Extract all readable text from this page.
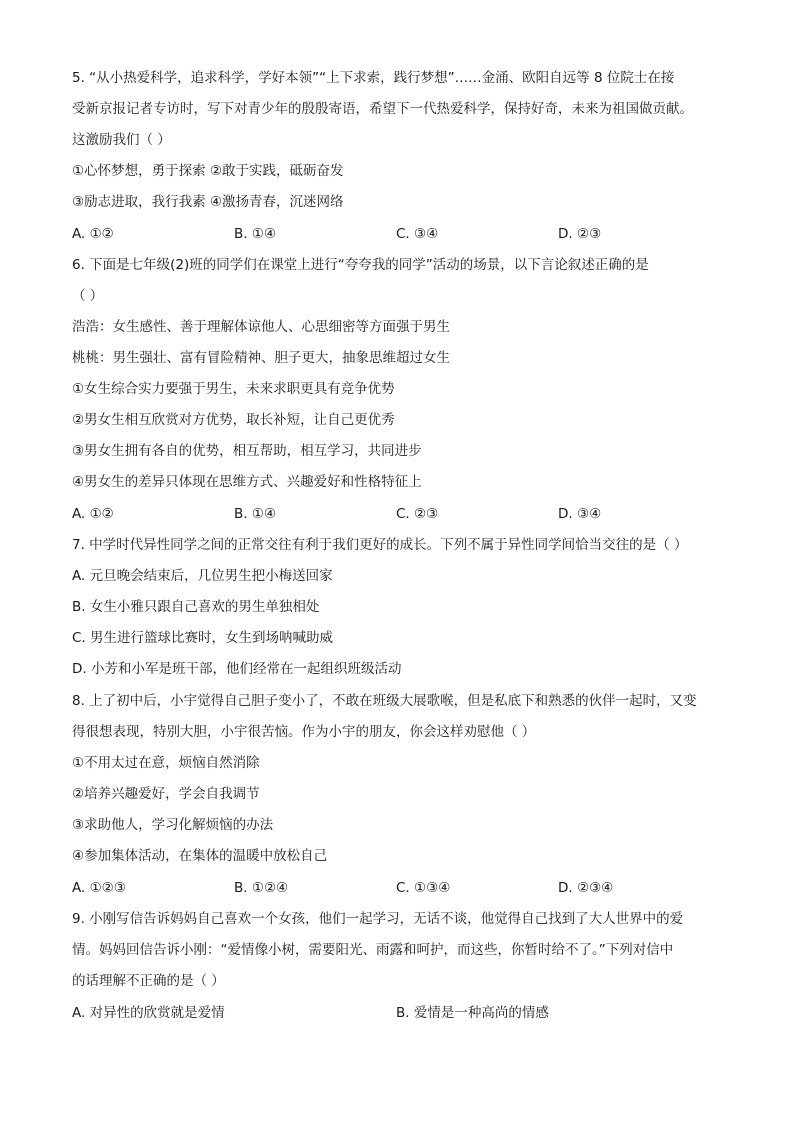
5. “从小热爱科学，追求科学，学好本领”“上下求索，践行梦想”……金涌、欧阳自远等 8 位院士在接
受新京报记者专访时，写下对青少年的殷殷寄语，希望下一代热爱科学，保持好奇，未来为祖国做贡献。
这激励我们（ ）
①心怀梦想，勇于探索 ②敢于实践，砥砺奋发
③励志进取，我行我素 ④激扬青春，沉迷网络
A. ①②	B. ①④	C. ③④	D. ②③
6. 下面是七年级(2)班的同学们在课堂上进行“夸夸我的同学”活动的场景，以下言论叙述正确的是
（ ）
浩浩：女生感性、善于理解体谅他人、心思细密等方面强于男生
桃桃：男生强壮、富有冒险精神、胆子更大，抽象思维超过女生
①女生综合实力要强于男生，未来求职更具有竞争优势
②男女生相互欣赏对方优势，取长补短，让自己更优秀
③男女生拥有各自的优势，相互帮助，相互学习，共同进步
④男女生的差异只体现在思维方式、兴趣爱好和性格特征上
A. ①②	B. ①④	C. ②③	D. ③④
7. 中学时代异性同学之间的正常交往有利于我们更好的成长。下列不属于异性同学间恰当交往的是（ ）
A. 元旦晚会结束后，几位男生把小梅送回家
B. 女生小雅只跟自己喜欢的男生单独相处
C. 男生进行篮球比赛时，女生到场呐喊助威
D. 小芳和小军是班干部，他们经常在一起组织班级活动
8. 上了初中后，小宇觉得自己胆子变小了，不敢在班级大展歌喉，但是私底下和熟悉的伙伴一起时，又变
得很想表现，特别大胆，小宇很苦恼。作为小宇的朋友，你会这样劝慰他（ ）
①不用太过在意，烦恼自然消除
②培养兴趣爱好，学会自我调节
③求助他人，学习化解烦恼的办法
④参加集体活动，在集体的温暖中放松自己
A. ①②③	B. ①②④	C. ①③④	D. ②③④
9. 小刚写信告诉妈妈自己喜欢一个女孩，他们一起学习，无话不谈，他觉得自己找到了大人世界中的爱
情。妈妈回信告诉小刚：“爱情像小树，需要阳光、雨露和呵护，而这些，你暂时给不了。”下列对信中
的话理解不正确的是（ ）
A. 对异性的欣赏就是爱情	B. 爱情是一种高尚的情感
